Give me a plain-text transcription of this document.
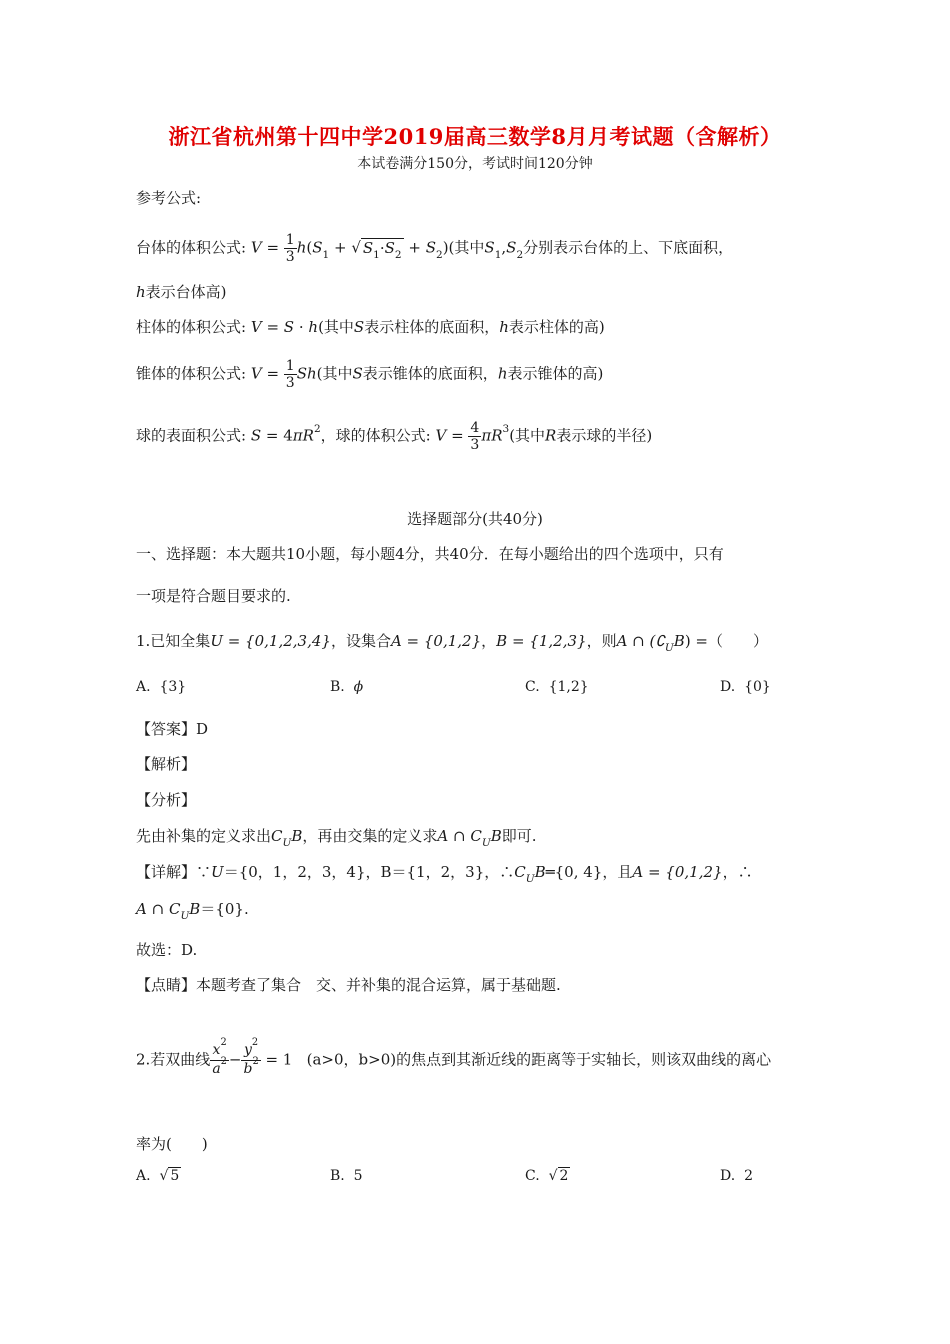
浙江省杭州第十四中学2019届高三数学8月月考试题（含解析）
本试卷满分150分，考试时间120分钟
参考公式:
台体的体积公式: $V = \frac{1}{3} h(S_1$ + √ $S_1\cdot S_2 + S_2$)(其中$S_1,S_2$分别表示台体的上、下底面积，
h表示台体高)
柱体的体积公式: V = S · h(其中S表示柱体的底面积，h表示柱体的高)
锥体的体积公式: $V = \frac{1}{3} Sh$(其中S表示锥体的底面积，h表示锥体的高)
球的表面积公式: $S = 4\pi R^2$，球的体积公式: $V = \frac{4}{3} \pi R^3$(其中R表示球的半径)
选择题部分(共40分)
一、选择题：本大题共10小题，每小题4分，共40分．在每小题给出的四个选项中，只有
一项是符合题目要求的.
1.已知全集U = {0,1,2,3,4}，设集合A = {0,1,2}，B = {1,2,3}，则A ∩ $(∁_UB)$ =（　　）
A. {3}	B. ϕ	C. {1,2}	D. {0}
【答案】D
【解析】
【分析】
先由补集的定义求出$C_UB$，再由交集的定义求A ∩ $C_UB$即可.
【详解】∵U＝{0，1，2，3，4}，B＝{1，2，3}，$\therefore C_UB═\{0$, 4}，且A = {0,1,2}，∴
A ∩ $C_UB=\{0\}$.
故选：D.
【点睛】本题考查了集合　交、并补集的混合运算，属于基础题.
2.若双曲线 $\frac{x^2}{a^2} - \frac{y^2}{b^2} = 1$   (a>0，b>0)的焦点到其渐近线的距离等于实轴长，则该双曲线的离心
率为(　　)
A.  √ 5	B. 5	C.  √ 2	D. 2
